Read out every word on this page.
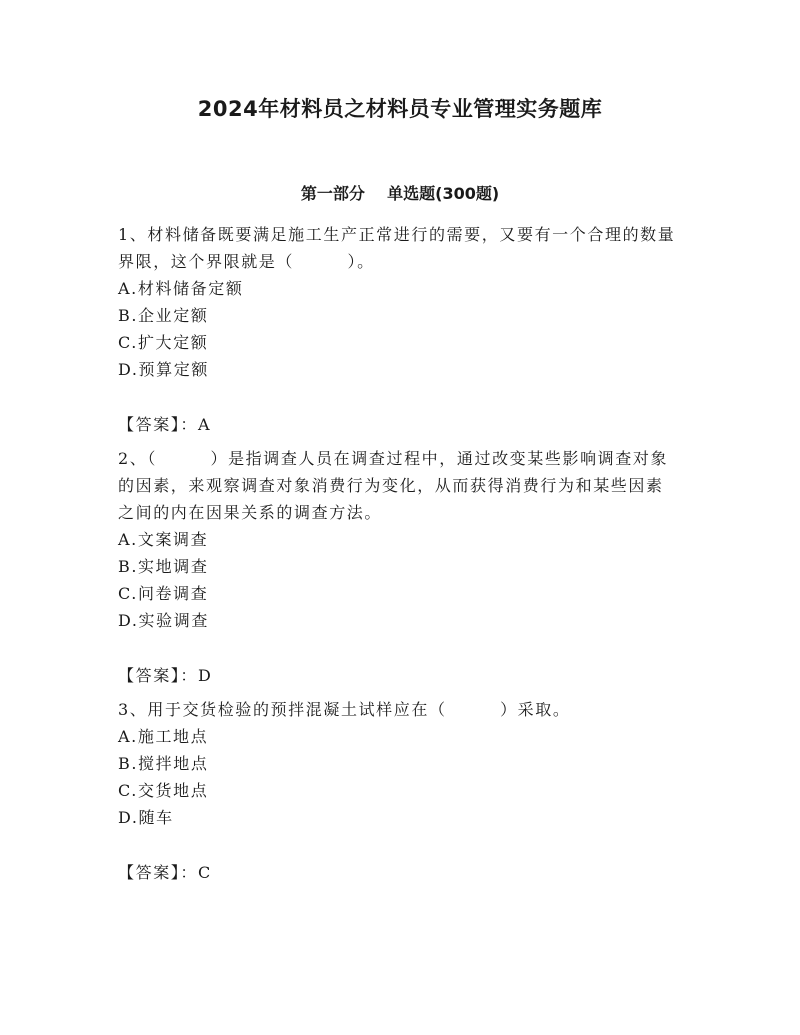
2024年材料员之材料员专业管理实务题库
第一部分    单选题(300题)

1、材料储备既要满足施工生产正常进行的需要，又要有一个合理的数量界限，这个界限就是（        ）。

A.材料储备定额
B.企业定额
C.扩大定额
D.预算定额

【答案】：A

2、（        ）是指调查人员在调查过程中，通过改变某些影响调查对象的因素，来观察调查对象消费行为变化，从而获得消费行为和某些因素之间的内在因果关系的调查方法。

A.文案调查
B.实地调查
C.问卷调查
D.实验调查

【答案】：D

3、用于交货检验的预拌混凝土试样应在（        ）采取。

A.施工地点
B.搅拌地点
C.交货地点
D.随车

【答案】：C
